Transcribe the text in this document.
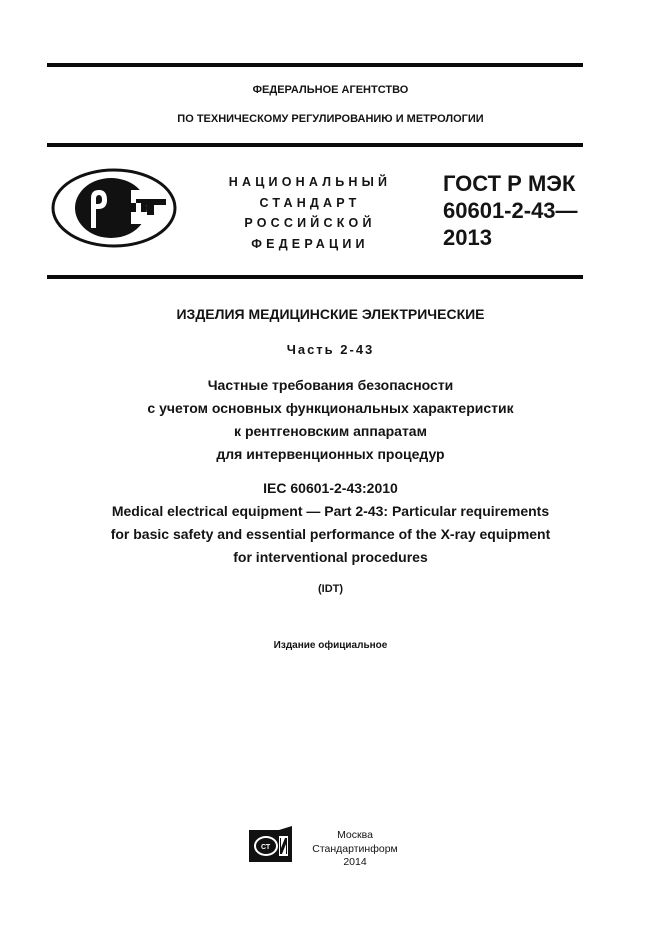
ФЕДЕРАЛЬНОЕ АГЕНТСТВО
ПО ТЕХНИЧЕСКОМУ РЕГУЛИРОВАНИЮ И МЕТРОЛОГИИ
НАЦИОНАЛЬНЫЙ
СТАНДАРТ
РОССИЙСКОЙ
ФЕДЕРАЦИИ
ГОСТ Р МЭК
60601-2-43—
2013
ИЗДЕЛИЯ МЕДИЦИНСКИЕ ЭЛЕКТРИЧЕСКИЕ
Часть 2-43
Частные требования безопасности
с учетом основных функциональных характеристик
к рентгеновским аппаратам
для интервенционных процедур
IEC 60601-2-43:2010
Medical electrical equipment — Part 2-43: Particular requirements
for basic safety and essential performance of the X-ray equipment
for interventional procedures
(IDT)
Издание официальное
СТ
Москва
Стандартинформ
2014
